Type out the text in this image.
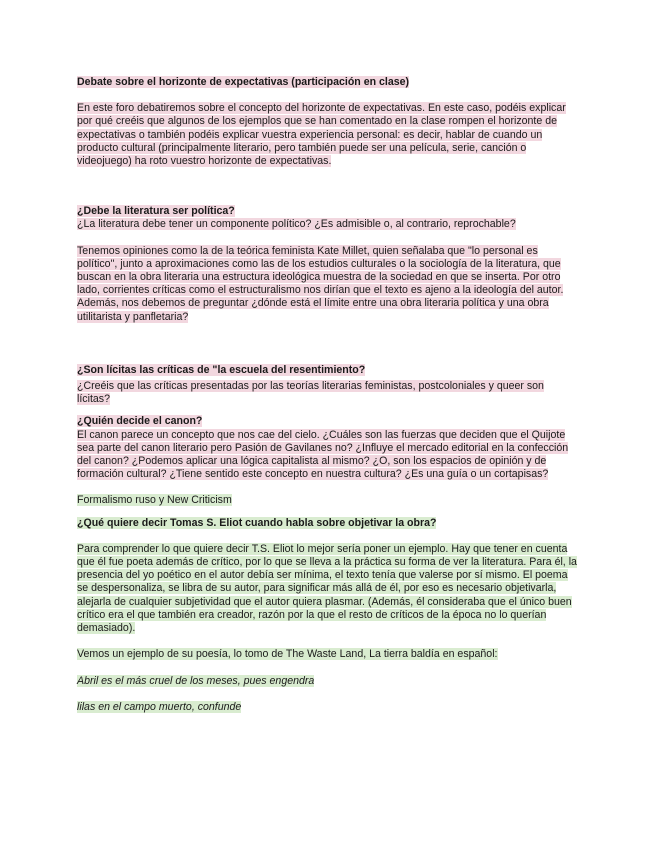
Debate sobre el horizonte de expectativas (participación en clase)

En este foro debatiremos sobre el concepto del horizonte de expectativas. En este caso, podéis explicar por qué creéis que algunos de los ejemplos que se han comentado en la clase rompen el horizonte de expectativas o también podéis explicar vuestra experiencia personal: es decir, hablar de cuando un producto cultural (principalmente literario, pero también puede ser una película, serie, canción o videojuego) ha roto vuestro horizonte de expectativas.

¿Debe la literatura ser política?

¿La literatura debe tener un componente político? ¿Es admisible o, al contrario, reprochable?

Tenemos opiniones como la de la teórica feminista Kate Millet, quien señalaba que "lo personal es político", junto a aproximaciones como las de los estudios culturales o la sociología de la literatura, que buscan en la obra literaria una estructura ideológica muestra de la sociedad en que se inserta. Por otro lado, corrientes críticas como el estructuralismo nos dirían que el texto es ajeno a la ideología del autor. Además, nos debemos de preguntar ¿dónde está el límite entre una obra literaria política y una obra utilitarista y panfletaria?

¿Son lícitas las críticas de "la escuela del resentimiento?

¿Creéis que las críticas presentadas por las teorías literarias feministas, postcoloniales y queer son lícitas?

¿Quién decide el canon?

El canon parece un concepto que nos cae del cielo. ¿Cuáles son las fuerzas que deciden que el Quijote sea parte del canon literario pero Pasión de Gavilanes no? ¿Influye el mercado editorial en la confección del canon? ¿Podemos aplicar una lógica capitalista al mismo? ¿O, son los espacios de opinión y de formación cultural? ¿Tiene sentido este concepto en nuestra cultura? ¿Es una guía o un cortapisas?

Formalismo ruso y New Criticism

¿Qué quiere decir Tomas S. Eliot cuando habla sobre objetivar la obra?

Para comprender lo que quiere decir T.S. Eliot lo mejor sería poner un ejemplo. Hay que tener en cuenta que él fue poeta además de crítico, por lo que se lleva a la práctica su forma de ver la literatura. Para él, la presencia del yo poético en el autor debía ser mínima, el texto tenía que valerse por sí mismo. El poema se despersonaliza, se libra de su autor, para significar más allá de él, por eso es necesario objetivarla, alejarla de cualquier subjetividad que el autor quiera plasmar. (Además, él consideraba que el único buen crítico era el que también era creador, razón por la que el resto de críticos de la época no lo querían demasiado).

Vemos un ejemplo de su poesía, lo tomo de The Waste Land, La tierra baldía en español:

Abril es el más cruel de los meses, pues engendra

lilas en el campo muerto, confunde
